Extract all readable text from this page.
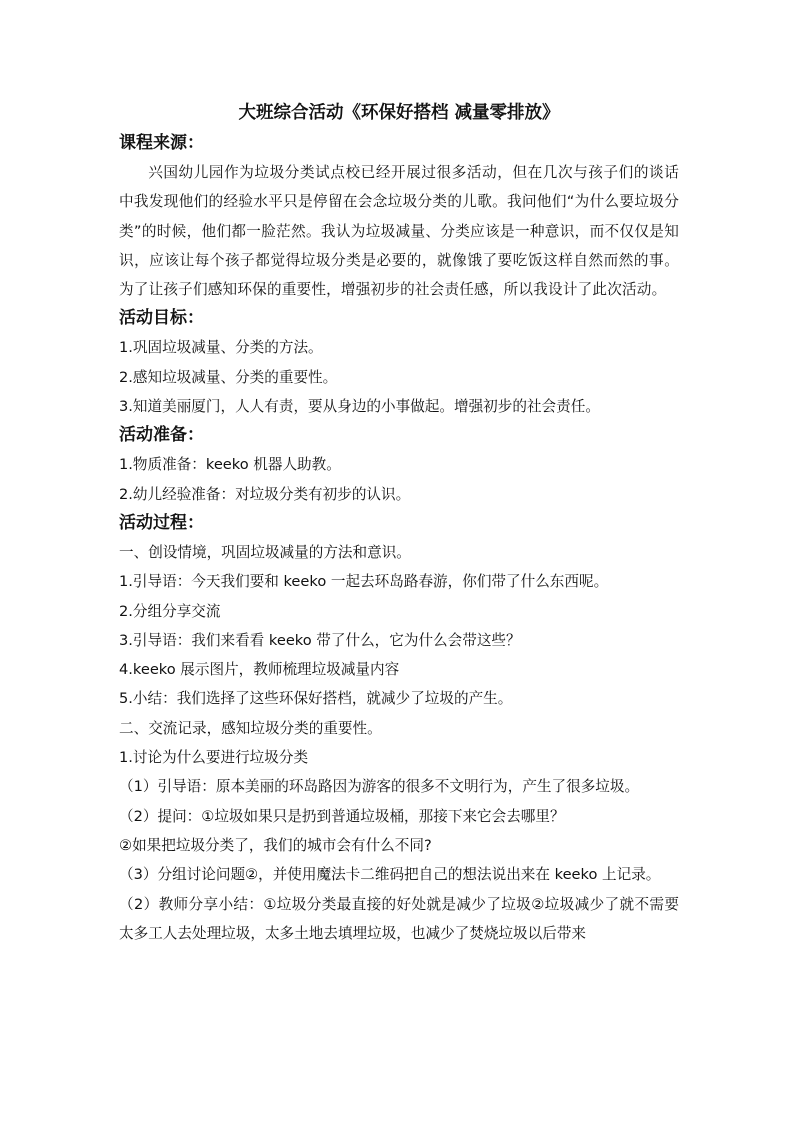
大班综合活动《环保好搭档 减量零排放》
课程来源：

兴国幼儿园作为垃圾分类试点校已经开展过很多活动，但在几次与孩子们的谈话中我发现他们的经验水平只是停留在会念垃圾分类的儿歌。我问他们“为什么要垃圾分类”的时候，他们都一脸茫然。我认为垃圾减量、分类应该是一种意识，而不仅仅是知识，应该让每个孩子都觉得垃圾分类是必要的，就像饿了要吃饭这样自然而然的事。为了让孩子们感知环保的重要性，增强初步的社会责任感，所以我设计了此次活动。

活动目标：
1.巩固垃圾减量、分类的方法。
2.感知垃圾减量、分类的重要性。
3.知道美丽厦门，人人有责，要从身边的小事做起。增强初步的社会责任。
活动准备：
1.物质准备：keeko 机器人助教。
2.幼儿经验准备：对垃圾分类有初步的认识。
活动过程：
一、创设情境，巩固垃圾减量的方法和意识。
1.引导语：今天我们要和 keeko 一起去环岛路春游，你们带了什么东西呢。
2.分组分享交流
3.引导语：我们来看看 keeko 带了什么，它为什么会带这些？
4.keeko 展示图片，教师梳理垃圾减量内容
5.小结：我们选择了这些环保好搭档，就减少了垃圾的产生。
二、交流记录，感知垃圾分类的重要性。
1.讨论为什么要进行垃圾分类
（1）引导语：原本美丽的环岛路因为游客的很多不文明行为，产生了很多垃圾。
（2）提问：①垃圾如果只是扔到普通垃圾桶，那接下来它会去哪里？
②如果把垃圾分类了，我们的城市会有什么不同?

（3）分组讨论问题②，并使用魔法卡二维码把自己的想法说出来在 keeko 上记录。

（2）教师分享小结：①垃圾分类最直接的好处就是减少了垃圾②垃圾减少了就不需要太多工人去处理垃圾，太多土地去填埋垃圾，也减少了焚烧垃圾以后带来
